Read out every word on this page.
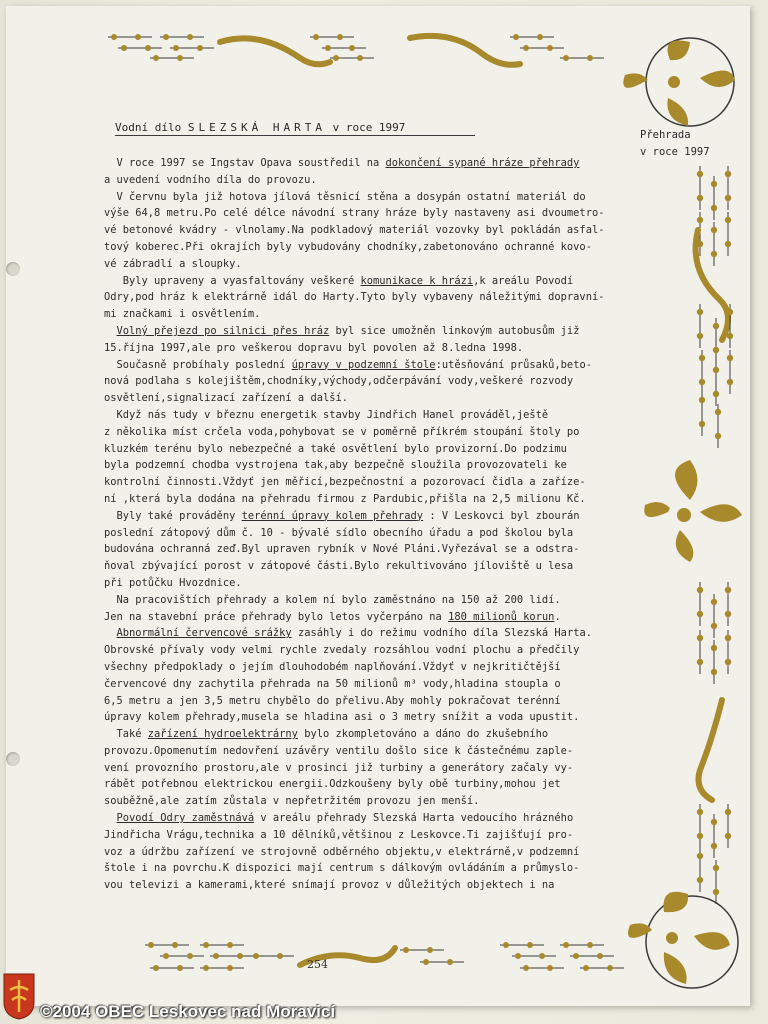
Vodní dílo SLEZSKÁ HARTA v roce 1997
Přehrada
v roce 1997

V roce 1997 se Ingstav Opava soustředil na dokončení sypané hráze přehrady

a uvedení vodního díla do provozu.

V červnu byla již hotova jílová těsnicí stěna a dosypán ostatní materiál do

výše 64,8 metru.Po celé délce návodní strany hráze byly nastaveny asi dvoumetro-

vé betonové kvádry - vlnolamy.Na podkladový materiál vozovky byl pokládán asfal-

tový koberec.Při okrajích byly vybudovány chodníky,zabetonováno ochranné kovo-

vé zábradlí a sloupky.

Byly upraveny a vyasfaltovány veškeré komunikace k hrázi,k areálu Povodí

Odry,pod hráz k elektrárně idál do Harty.Tyto byly vybaveny náležitými dopravní-

mi značkami i osvětlením.

Volný přejezd po silnici přes hráz byl sice umožněn linkovým autobusům již

15.října 1997,ale pro veškerou dopravu byl povolen až 8.ledna 1998.

Současně probíhaly poslední úpravy v podzemní štole:utěsňování průsaků,beto-

nová podlaha s kolejištěm,chodníky,východy,odčerpávání vody,veškeré rozvody

osvětlení,signalizací zařízení a další.

Když nás tudy v březnu energetik stavby Jindřich Hanel prováděl,ještě

z několika míst crčela voda,pohybovat se v poměrně příkrém stoupání štoly po

kluzkém terénu bylo nebezpečné a také osvětlení bylo provizorní.Do podzimu

byla podzemní chodba vystrojena tak,aby bezpečně sloužila provozovateli ke

kontrolní činnosti.Vždyť jen měřicí,bezpečnostní a pozorovací čidla a zaříze-

ní ,která byla dodána na přehradu firmou z Pardubic,přišla na 2,5 milionu Kč.

Byly také prováděny terénní úpravy kolem přehrady : V Leskovci byl zbourán

poslední zátopový dům č. 10 - bývalé sídlo obecního úřadu a pod školou byla

budována ochranná zeď.Byl upraven rybník v Nové Pláni.Vyřezával se a odstra-

ňoval zbývající porost v zátopové části.Bylo rekultivováno jíloviště u lesa

při potůčku Hvozdnice.

Na pracovištích přehrady a kolem ní bylo zaměstnáno na 150 až 200 lidí.

Jen na stavební práce přehrady bylo letos vyčerpáno na 180 milionů korun.

Abnormální červencové srážky zasáhly i do režimu vodního díla Slezská Harta.

Obrovské přívaly vody velmi rychle zvedaly rozsáhlou vodní plochu a předčily

všechny předpoklady o jejím dlouhodobém naplňování.Vždyť v nejkritičtější

červencové dny zachytila přehrada na 50 milionů m³ vody,hladina stoupla o

6,5 metru a jen 3,5 metru chybělo do přelivu.Aby mohly pokračovat terénní

úpravy kolem přehrady,musela se hladina asi o 3 metry snížit a voda upustit.

Také zařízení hydroelektrárny bylo zkompletováno a dáno do zkušebního

provozu.Opomenutím nedovření uzávěry ventilu došlo sice k částečnému zaple-

vení provozního prostoru,ale v prosinci již turbiny a generátory začaly vy-

rábět potřebnou elektrickou energii.Odzkoušeny byly obě turbiny,mohou jet

souběžně,ale zatím zůstala v nepřetržitém provozu jen menší.

Povodí Odry zaměstnává v areálu přehrady Slezská Harta vedoucího hrázného

Jindřicha Vrágu,technika a 10 dělníků,většinou z Leskovce.Ti zajišťují pro-

voz a údržbu zařízení ve strojovně odběrného objektu,v elektrárně,v podzemní

štole i na povrchu.K dispozici mají centrum s dálkovým ovládáním a průmyslo-

vou televizi a kamerami,které snímají provoz v důležitých objektech i na

254
©2004 OBEC Leskovec nad Moravicí
